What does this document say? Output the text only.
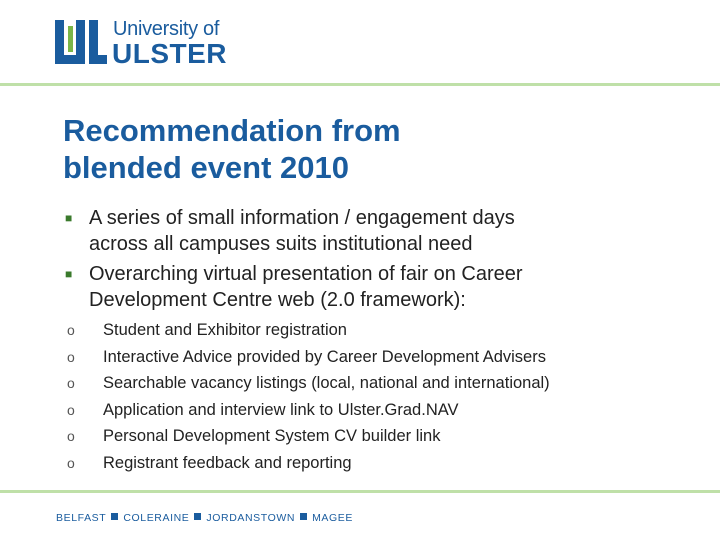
University of
ULSTER
Recommendation from
blended event 2010
■ A series of small information / engagement days
across all campuses suits institutional need
■ Overarching virtual presentation of fair on Career
Development Centre web (2.0 framework):
o Student and Exhibitor registration
o Interactive Advice provided by Career Development Advisers
o Searchable vacancy listings (local, national and international)
o Application and interview link to Ulster.Grad.NAV
o Personal Development System CV builder link
o Registrant feedback and reporting
BELFAST COLERAINE JORDANSTOWN MAGEE
